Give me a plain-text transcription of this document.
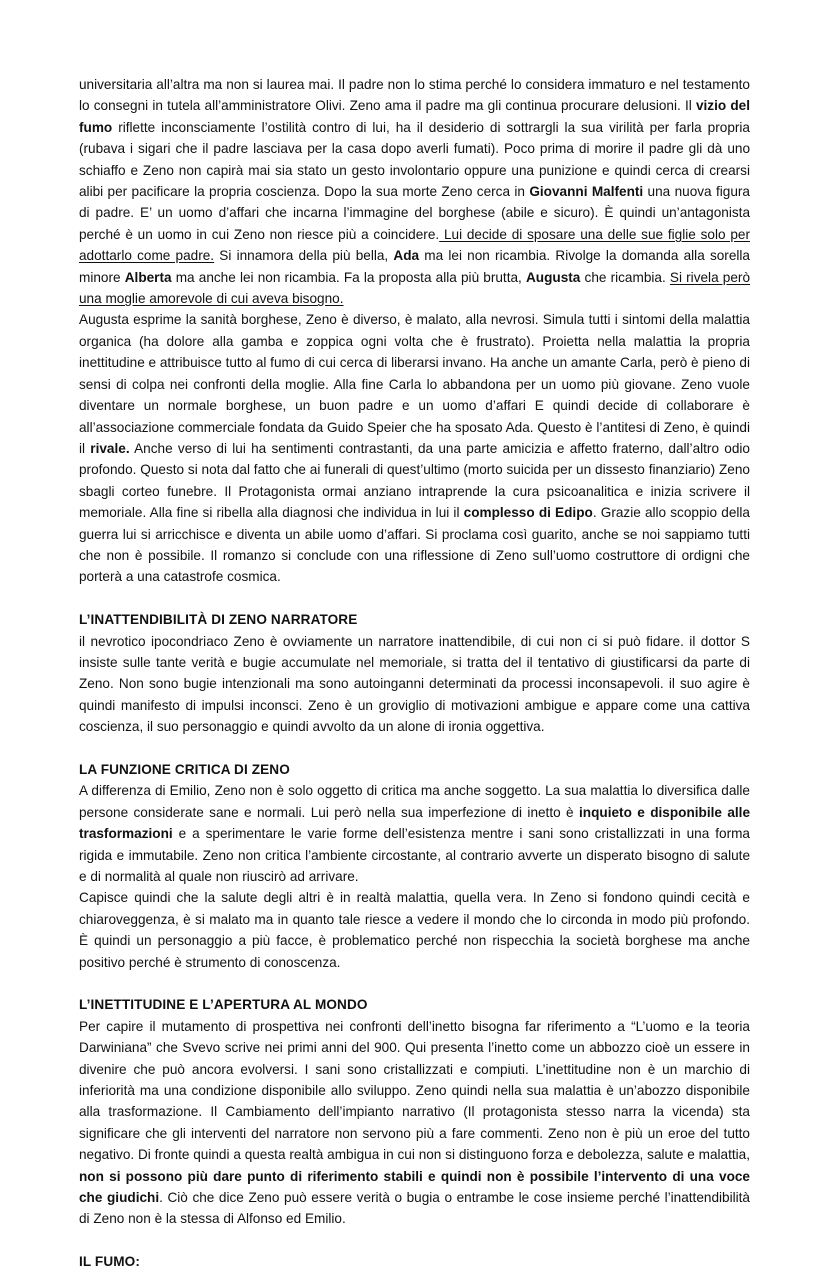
universitaria all’altra ma non si laurea mai. Il padre non lo stima perché lo considera immaturo e nel testamento lo consegni in tutela all’amministratore Olivi. Zeno ama il padre ma gli continua procurare delusioni. Il vizio del fumo riflette inconsciamente l’ostilità contro di lui, ha il desiderio di sottrargli la sua virilità per farla propria (rubava i sigari che il padre lasciava per la casa dopo averli fumati). Poco prima di morire il padre gli dà uno schiaffo e Zeno non capirà mai sia stato un gesto involontario oppure una punizione e quindi cerca di crearsi alibi per pacificare la propria coscienza. Dopo la sua morte Zeno cerca in Giovanni Malfenti una nuova figura di padre. E’ un uomo d’affari che incarna l’immagine del borghese (abile e sicuro). È quindi un’antagonista perché è un uomo in cui Zeno non riesce più a coincidere. Lui decide di sposare una delle sue figlie solo per adottarlo come padre. Si innamora della più bella, Ada ma lei non ricambia. Rivolge la domanda alla sorella minore Alberta ma anche lei non ricambia. Fa la proposta alla più brutta, Augusta che ricambia. Si rivela però una moglie amorevole di cui aveva bisogno.

Augusta esprime la sanità borghese, Zeno è diverso, è malato, alla nevrosi. Simula tutti i sintomi della malattia organica (ha dolore alla gamba e zoppica ogni volta che è frustrato). Proietta nella malattia la propria inettitudine e attribuisce tutto al fumo di cui cerca di liberarsi invano. Ha anche un amante Carla, però è pieno di sensi di colpa nei confronti della moglie. Alla fine Carla lo abbandona per un uomo più giovane. Zeno vuole diventare un normale borghese, un buon padre e un uomo d’affari E quindi decide di collaborare è all’associazione commerciale fondata da Guido Speier che ha sposato Ada. Questo è l’antitesi di Zeno, è quindi il rivale. Anche verso di lui ha sentimenti contrastanti, da una parte amicizia e affetto fraterno, dall’altro odio profondo. Questo si nota dal fatto che ai funerali di quest’ultimo (morto suicida per un dissesto finanziario) Zeno sbagli corteo funebre. Il Protagonista ormai anziano intraprende la cura psicoanalitica e inizia scrivere il memoriale. Alla fine si ribella alla diagnosi che individua in lui il complesso di Edipo. Grazie allo scoppio della guerra lui si arricchisce e diventa un abile uomo d’affari. Si proclama così guarito, anche se noi sappiamo tutti che non è possibile. Il romanzo si conclude con una riflessione di Zeno sull’uomo costruttore di ordigni che porterà a una catastrofe cosmica.

L’INATTENDIBILITÀ DI ZENO NARRATORE

il nevrotico ipocondriaco Zeno è ovviamente un narratore inattendibile, di cui non ci si può fidare. il dottor S insiste sulle tante verità e bugie accumulate nel memoriale, si tratta del il tentativo di giustificarsi da parte di Zeno. Non sono bugie intenzionali ma sono autoinganni determinati da processi inconsapevoli. il suo agire è quindi manifesto di impulsi inconsci. Zeno è un groviglio di motivazioni ambigue e appare come una cattiva coscienza, il suo personaggio e quindi avvolto da un alone di ironia oggettiva.

LA FUNZIONE CRITICA DI ZENO

A differenza di Emilio, Zeno non è solo oggetto di critica ma anche soggetto. La sua malattia lo diversifica dalle persone considerate sane e normali. Lui però nella sua imperfezione di inetto è inquieto e disponibile alle trasformazioni e a sperimentare le varie forme dell’esistenza mentre i sani sono cristallizzati in una forma rigida e immutabile. Zeno non critica l’ambiente circostante, al contrario avverte un disperato bisogno di salute e di normalità al quale non riuscirò ad arrivare.

Capisce quindi che la salute degli altri è in realtà malattia, quella vera. In Zeno si fondono quindi cecità e chiaroveggenza, è si malato ma in quanto tale riesce a vedere il mondo che lo circonda in modo più profondo. È quindi un personaggio a più facce, è problematico perché non rispecchia la società borghese ma anche positivo perché è strumento di conoscenza.

L’INETTITUDINE E L’APERTURA AL MONDO

Per capire il mutamento di prospettiva nei confronti dell’inetto bisogna far riferimento a “L’uomo e la teoria Darwiniana” che Svevo scrive nei primi anni del 900. Qui presenta l’inetto come un abbozzo cioè un essere in divenire che può ancora evolversi. I sani sono cristallizzati e compiuti. L’inettitudine non è un marchio di inferiorità ma una condizione disponibile allo sviluppo. Zeno quindi nella sua malattia è un’abozzo disponibile alla trasformazione. Il Cambiamento dell’impianto narrativo (Il protagonista stesso narra la vicenda) sta significare che gli interventi del narratore non servono più a fare commenti. Zeno non è più un eroe del tutto negativo. Di fronte quindi a questa realtà ambigua in cui non si distinguono forza e debolezza, salute e malattia, non si possono più dare punto di riferimento stabili e quindi non è possibile l’intervento di una voce che giudichi. Ciò che dice Zeno può essere verità o bugia o entrambe le cose insieme perché l’inattendibilità di Zeno non è la stessa di Alfonso ed Emilio.

IL FUMO:
